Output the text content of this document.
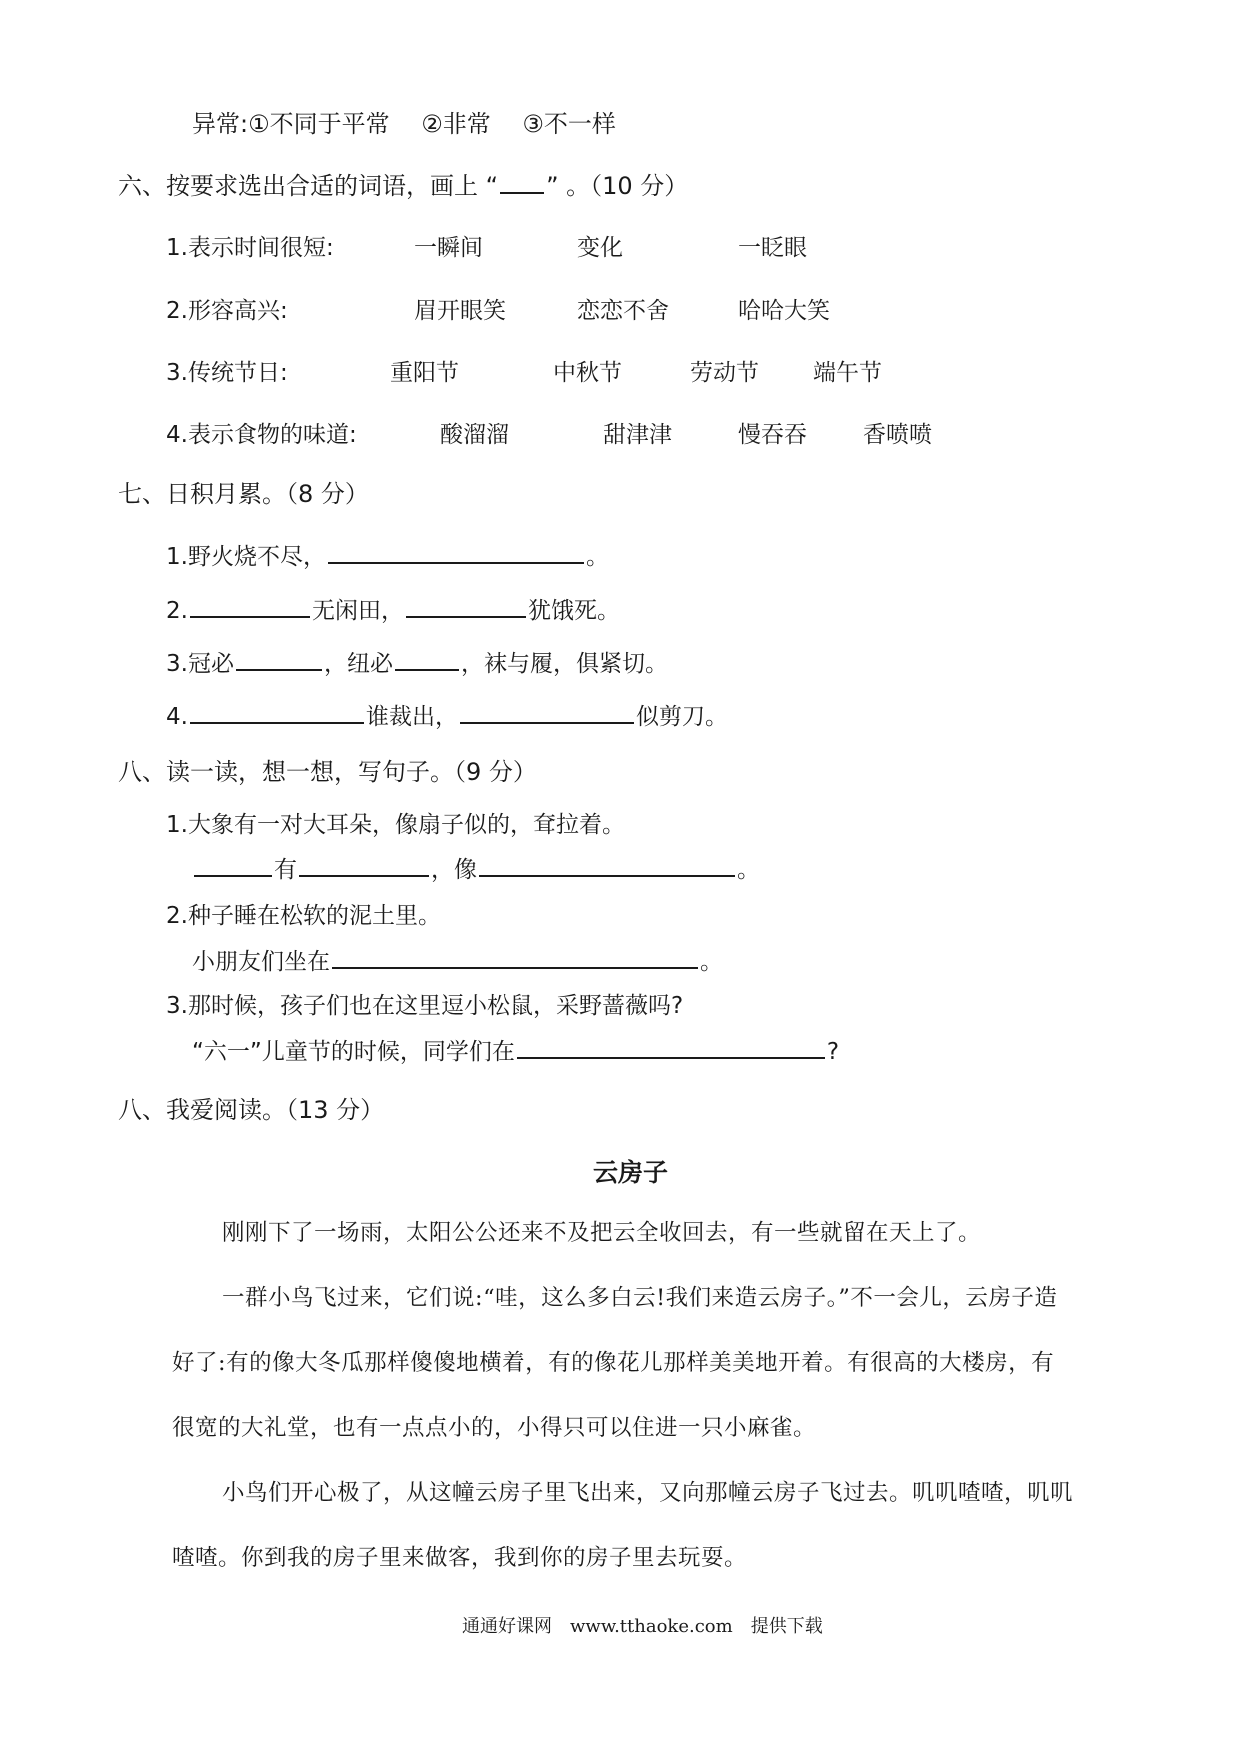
异常:①不同于平常　 ②非常　 ③不一样
六、按要求选出合适的词语，画上 “ ” 。（10 分）
1.表示时间很短:	一瞬间	变化	一眨眼
2.形容高兴:	眉开眼笑	恋恋不舍	哈哈大笑
3.传统节日:	重阳节	中秋节	劳动节 端午节
4.表示食物的味道:	酸溜溜	甜津津	慢吞吞 香喷喷
七、日积月累。（8 分）
1.野火烧不尽，	。
2.	无闲田，	犹饿死。
3.冠必	，纽必	，袜与履，俱紧切。
4.	谁裁出，	似剪刀。
八、读一读，想一想，写句子。（9 分）
1.大象有一对大耳朵，像扇子似的，耷拉着。
有	，像	。
2.种子睡在松软的泥土里。
小朋友们坐在	。
3.那时候，孩子们也在这里逗小松鼠，采野蔷薇吗?
“六一”儿童节的时候，同学们在	?
八、我爱阅读。（13 分）
云房子
刚刚下了一场雨，太阳公公还来不及把云全收回去，有一些就留在天上了。
一群小鸟飞过来，它们说:“哇，这么多白云!我们来造云房子。”不一会儿，云房子造
好了:有的像大冬瓜那样傻傻地横着，有的像花儿那样美美地开着。有很高的大楼房，有
很宽的大礼堂，也有一点点小的，小得只可以住进一只小麻雀。
小鸟们开心极了，从这幢云房子里飞出来，又向那幢云房子飞过去。叽叽喳喳，叽叽
喳喳。你到我的房子里来做客，我到你的房子里去玩耍。
通通好课网　www.tthaoke.com　提供下载
